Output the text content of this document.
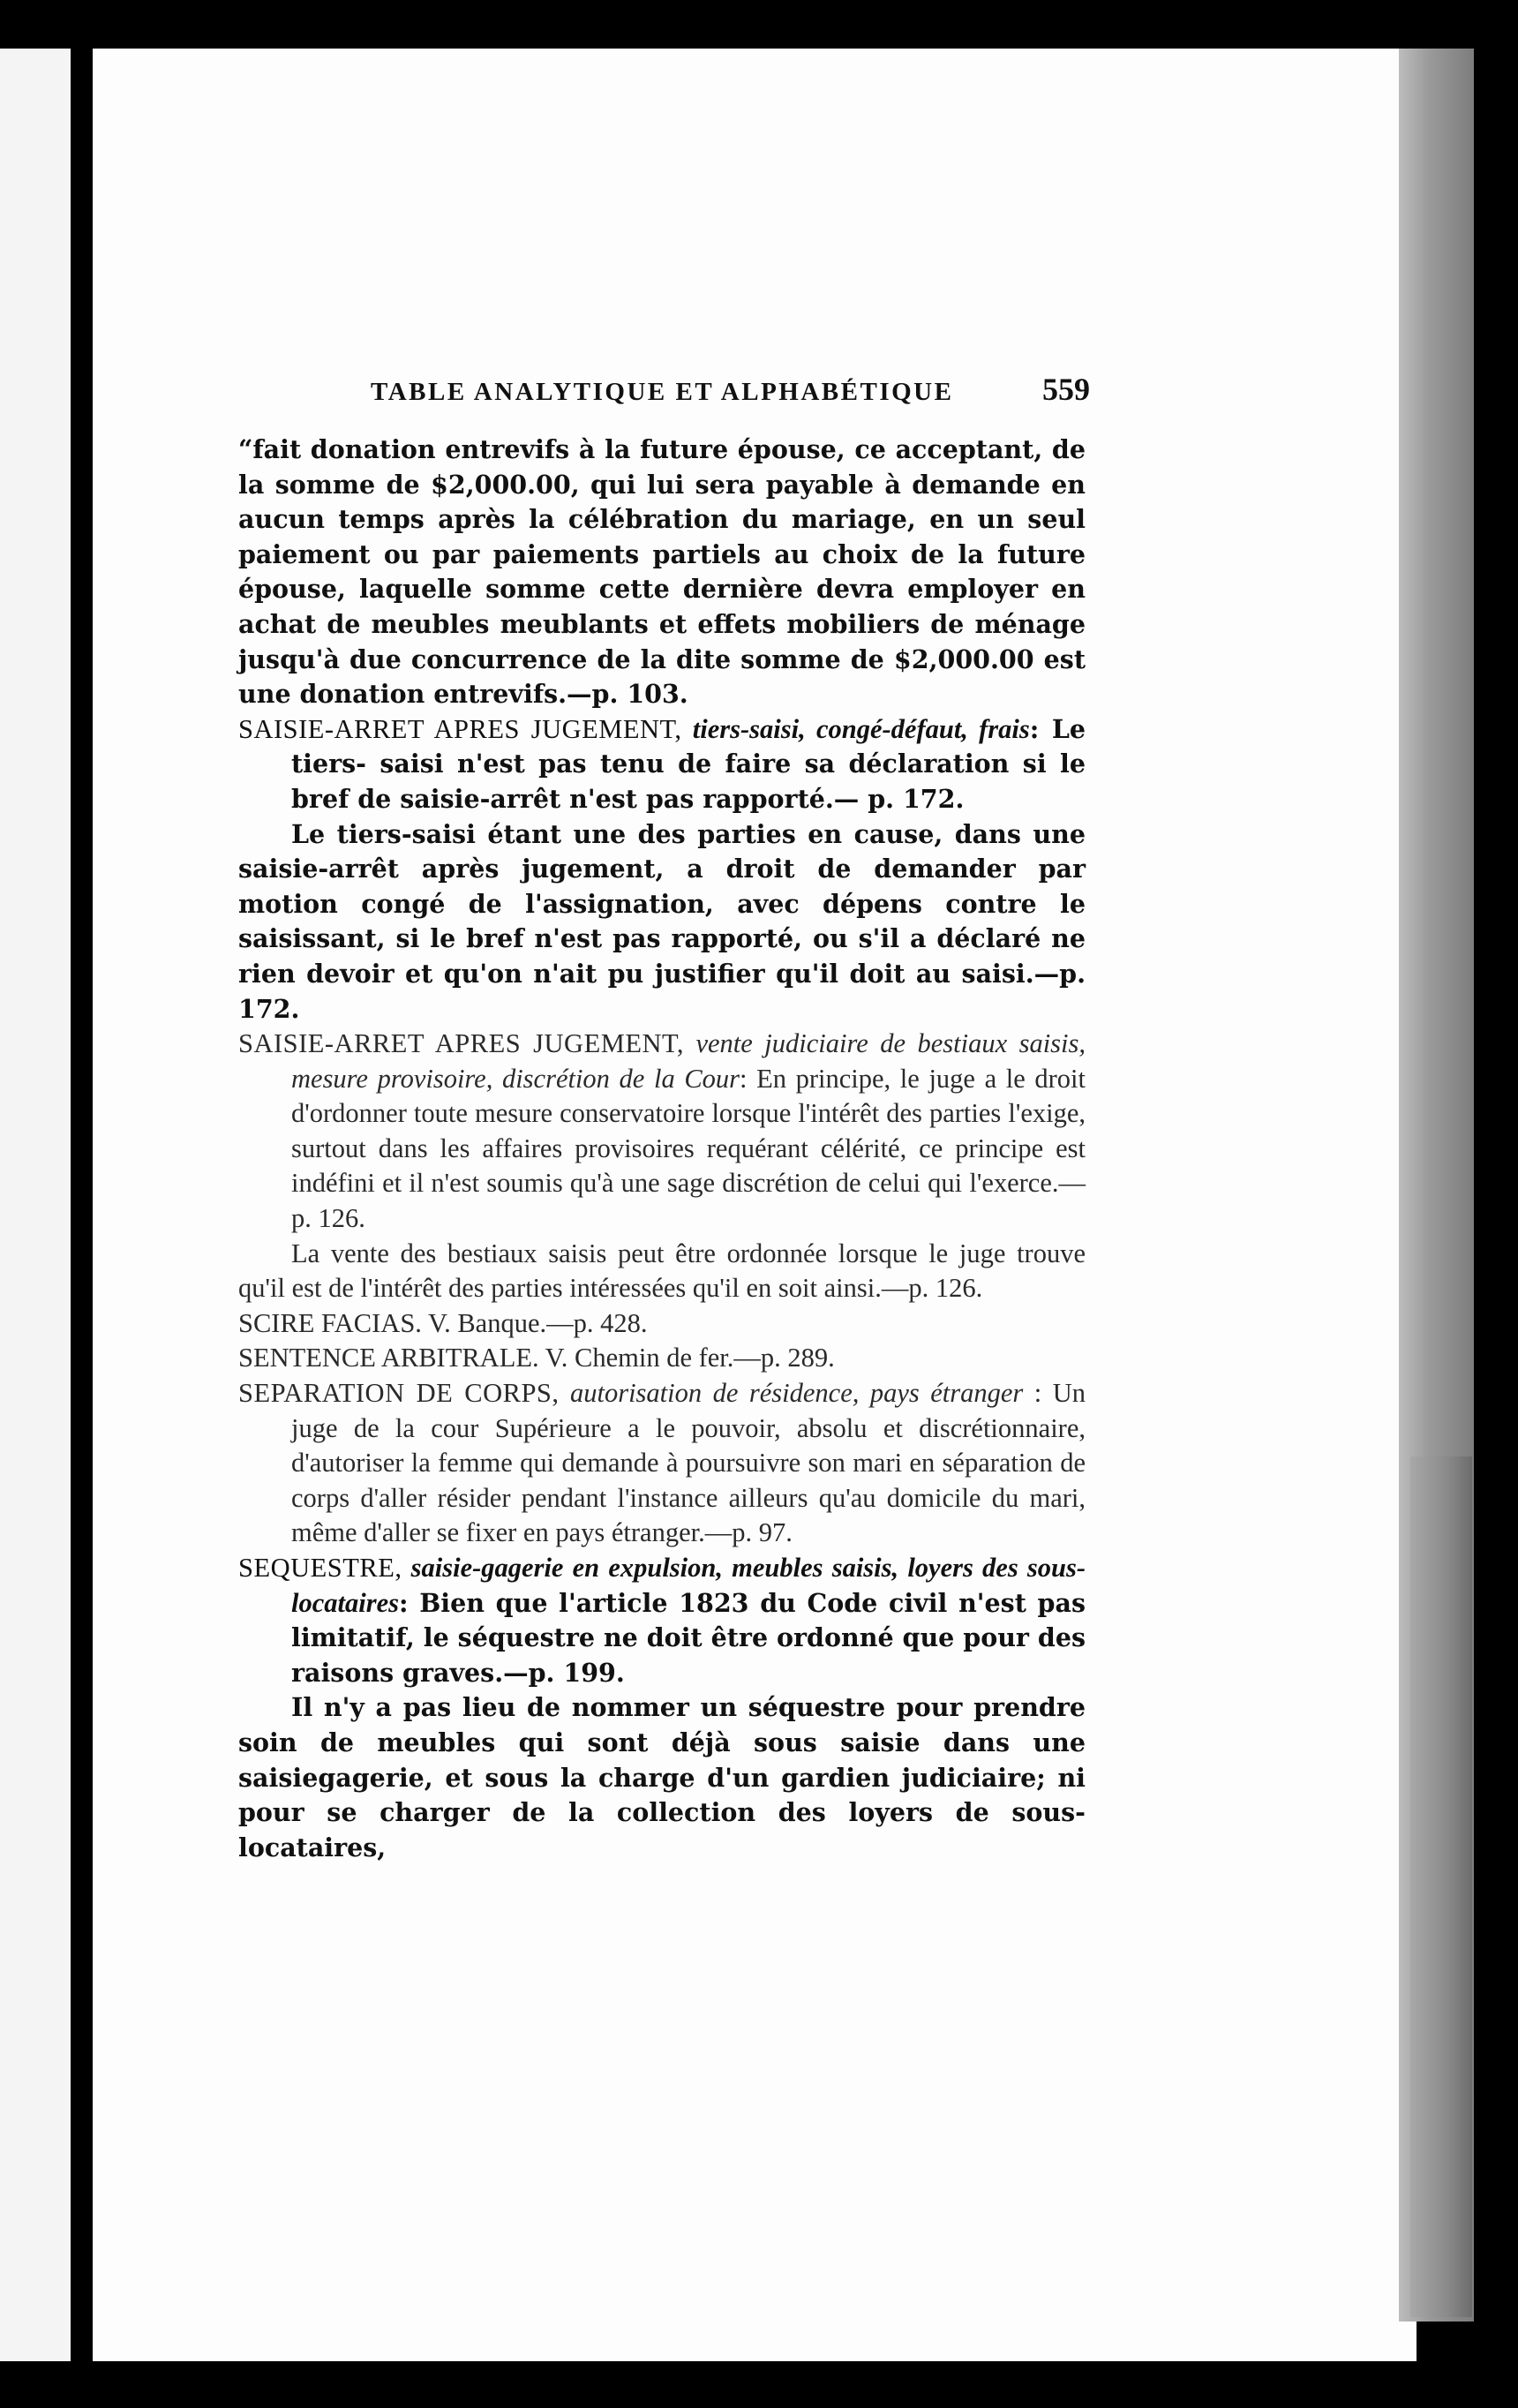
TABLE ANALYTIQUE ET ALPHABÉTIQUE	559

“fait donation entrevifs à la future épouse, ce acceptant, de la somme de $2,000.00, qui lui sera payable à demande en aucun temps après la célébration du mariage, en un seul paiement ou par paiements partiels au choix de la future épouse, laquelle somme cette dernière devra employer en achat de meubles meublants et effets mobiliers de ménage jusqu'à due concurrence de la dite somme de $2,000.00 est une donation entrevifs.—p. 103.

SAISIE-ARRET APRES JUGEMENT, tiers-saisi, congé-défaut, frais: Le tiers- saisi n'est pas tenu de faire sa déclaration si le bref de saisie-arrêt n'est pas rapporté.— p. 172.

Le tiers-saisi étant une des parties en cause, dans une saisie-arrêt après jugement, a droit de demander par motion congé de l'assignation, avec dépens contre le saisissant, si le bref n'est pas rapporté, ou s'il a déclaré ne rien devoir et qu'on n'ait pu justifier qu'il doit au saisi.—p. 172.

SAISIE-ARRET APRES JUGEMENT, vente judiciaire de bestiaux saisis, mesure provisoire, discrétion de la Cour: En principe, le juge a le droit d'ordonner toute mesure conservatoire lorsque l'intérêt des parties l'exige, surtout dans les affaires provisoires requérant célérité, ce principe est indéfini et il n'est soumis qu'à une sage discrétion de celui qui l'exerce.—p. 126.

La vente des bestiaux saisis peut être ordonnée lorsque le juge trouve qu'il est de l'intérêt des parties intéressées qu'il en soit ainsi.—p. 126.

SCIRE FACIAS. V. Banque.—p. 428.

SENTENCE ARBITRALE. V. Chemin de fer.—p. 289.

SEPARATION DE CORPS, autorisation de résidence, pays étranger : Un juge de la cour Supérieure a le pouvoir, absolu et discrétionnaire, d'autoriser la femme qui demande à poursuivre son mari en séparation de corps d'aller résider pendant l'instance ailleurs qu'au domicile du mari, même d'aller se fixer en pays étranger.—p. 97.

SEQUESTRE, saisie-gagerie en expulsion, meubles saisis, loyers des sous-locataires: Bien que l'article 1823 du Code civil n'est pas limitatif, le séquestre ne doit être ordonné que pour des raisons graves.—p. 199.

Il n'y a pas lieu de nommer un séquestre pour prendre soin de meubles qui sont déjà sous saisie dans une saisiegagerie, et sous la charge d'un gardien judiciaire; ni pour se charger de la collection des loyers de sous-locataires,
